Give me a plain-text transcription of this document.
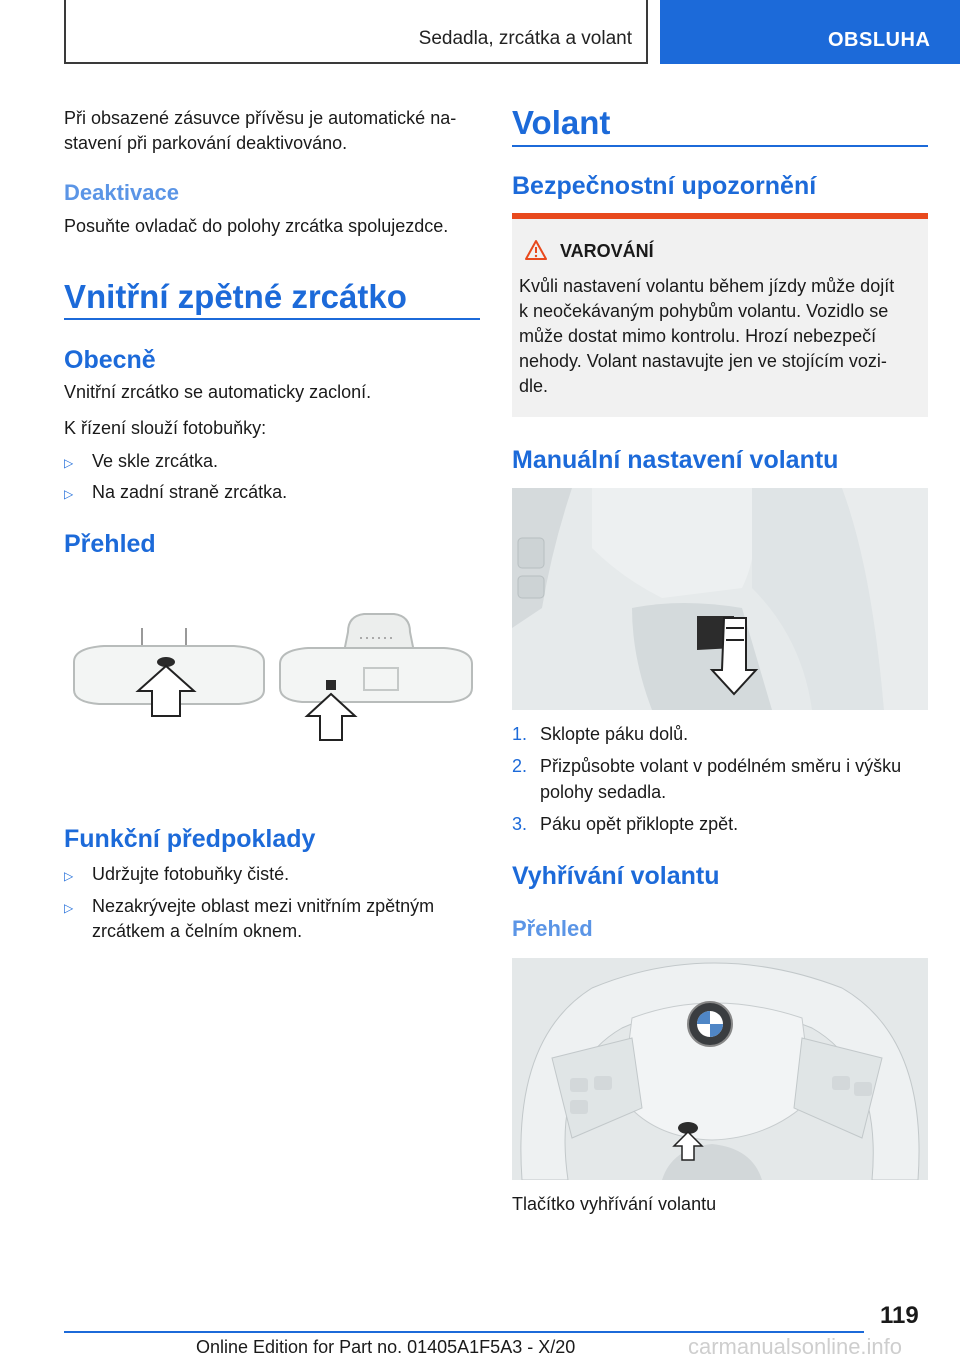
Sedadla, zrcátka a volant	OBSLUHA
Při obsazené zásuvce přívěsu je automatické na-
stavení při parkování deaktivováno.
Deaktivace
Posuňte ovladač do polohy zrcátka spolujezdce.
Vnitřní zpětné zrcátko
Obecně
Vnitřní zrcátko se automaticky zacloní.
K řízení slouží fotobuňky:
▷ Ve skle zrcátka.
▷ Na zadní straně zrcátka.
Přehled
Funkční předpoklady
▷ Udržujte fotobuňky čisté.
▷ Nezakrývejte oblast mezi vnitřním zpětným
zrcátkem a čelním oknem.
Volant
Bezpečnostní upozornění
VAROVÁNÍ
Kvůli nastavení volantu během jízdy může dojít
k neočekávaným pohybům volantu. Vozidlo se
může dostat mimo kontrolu. Hrozí nebezpečí
nehody. Volant nastavujte jen ve stojícím vozi-
dle.
Manuální nastavení volantu
1. Sklopte páku dolů.
2. Přizpůsobte volant v podélném směru i výšku
polohy sedadla.
3. Páku opět přiklopte zpět.
Vyhřívání volantu
Přehled
Tlačítko vyhřívání volantu
119
Online Edition for Part no. 01405A1F5A3 - X/20	carmanualsonline.info
